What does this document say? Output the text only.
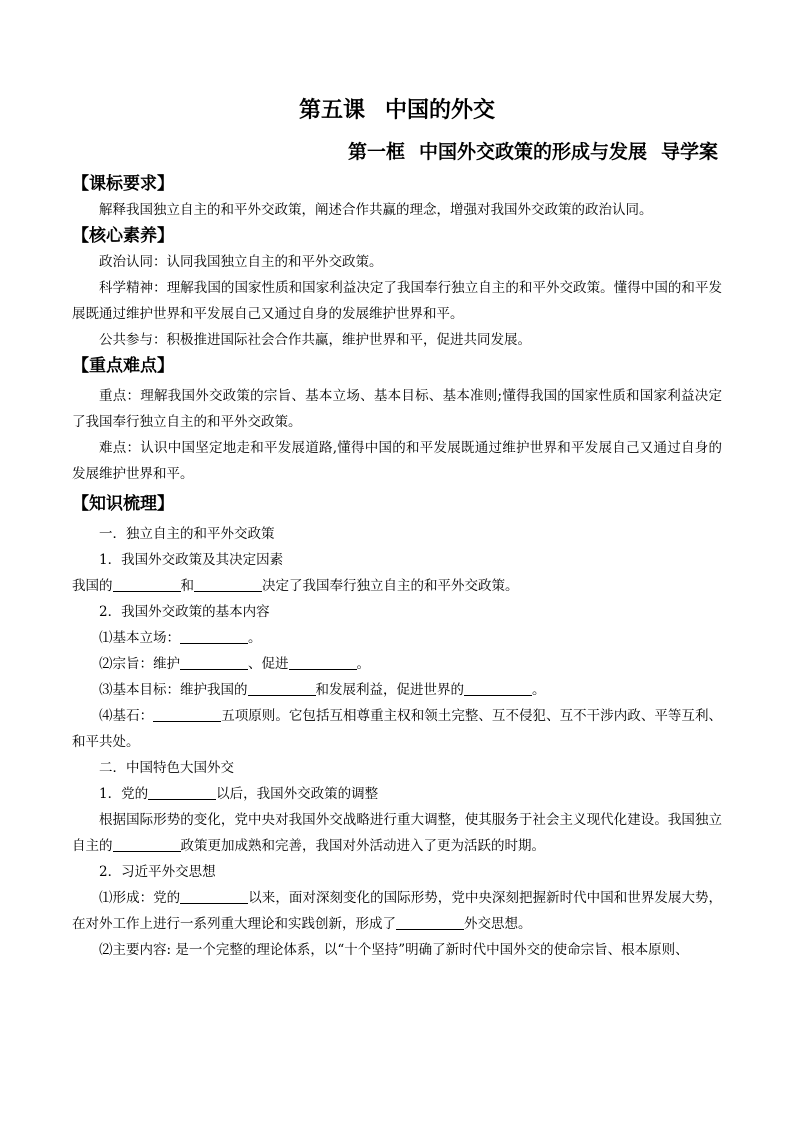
第五课 中国的外交
第一框 中国外交政策的形成与发展 导学案
【课标要求】

解释我国独立自主的和平外交政策，阐述合作共赢的理念，增强对我国外交政策的政治认同。

【核心素养】

政治认同：认同我国独立自主的和平外交政策。

科学精神：理解我国的国家性质和国家利益决定了我国奉行独立自主的和平外交政策。懂得中国的和平发展既通过维护世界和平发展自己又通过自身的发展维护世界和平。

公共参与：积极推进国际社会合作共赢，维护世界和平，促进共同发展。

【重点难点】

重点：理解我国外交政策的宗旨、基本立场、基本目标、基本准则;懂得我国的国家性质和国家利益决定了我国奉行独立自主的和平外交政策。

难点：认识中国坚定地走和平发展道路,懂得中国的和平发展既通过维护世界和平发展自己又通过自身的发展维护世界和平。

【知识梳理】

一．独立自主的和平外交政策

1．我国外交政策及其决定因素

我国的	和	决定了我国奉行独立自主的和平外交政策。

2．我国外交政策的基本内容

⑴基本立场：	。

⑵宗旨：维护	、促进	。

⑶基本目标：维护我国的	和发展利益，促进世界的	。

⑷基石：	五项原则。它包括互相尊重主权和领土完整、互不侵犯、互不干涉内政、平等互利、和平共处。

二．中国特色大国外交

1．党的	以后，我国外交政策的调整

根据国际形势的变化，党中央对我国外交战略进行重大调整，使其服务于社会主义现代化建设。我国独立自主的	政策更加成熟和完善，我国对外活动进入了更为活跃的时期。

2．习近平外交思想

⑴形成：党的	以来，面对深刻变化的国际形势，党中央深刻把握新时代中国和世界发展大势，在对外工作上进行一系列重大理论和实践创新，形成了	外交思想。

⑵主要内容: 是一个完整的理论体系，以“十个坚持”明确了新时代中国外交的使命宗旨、根本原则、
